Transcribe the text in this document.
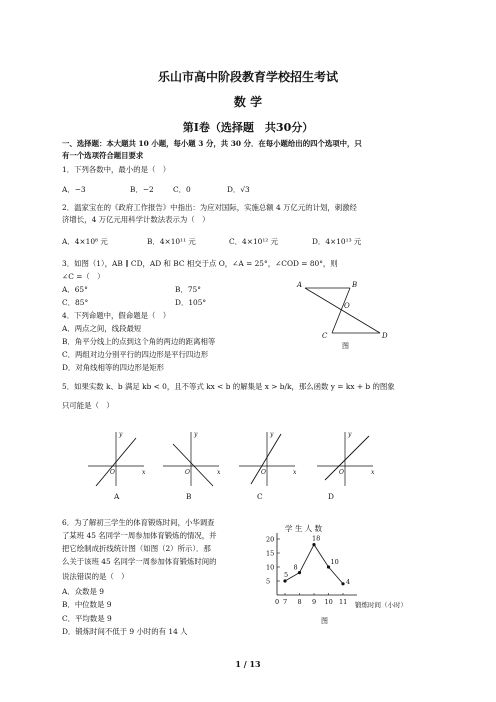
乐山市高中阶段教育学校招生考试
数 学
第Ⅰ卷（选择题　共30分）
一、选择题：本大题共 10 小题，每小题 3 分，共 30 分．在每小题给出的四个选项中，只
有一个选项符合题目要求
1．下列各数中，最小的是（　）
A．−3	B．−2	C．0	D．√3
2．温家宝在的《政府工作报告》中指出：为应对国际，实施总额 4 万亿元的计划，刺激经
济增长，4 万亿元用科学计数法表示为（　）
A．4×10⁸ 元	B．4×10¹¹ 元	C．4×10¹² 元	D．4×10¹³ 元
3．如图（1），AB ∥ CD，AD 和 BC 相交于点 O，∠A = 25°，∠COD = 80°，则
∠C =（　）
A．65°	B．75°
C．85°	D．105°
A	B
O
C	D
图
4．下列命题中，假命题是（　）
A．两点之间，线段最短
B．角平分线上的点到这个角的两边的距离相等
C．两组对边分别平行的四边形是平行四边形
D．对角线相等的四边形是矩形
5．如果实数 k、b 满足 kb < 0，且不等式 kx < b 的解集是 x > b/k，那么函数 y = kx + b 的图象
只可能是（　）
y
x
O
y
x
O
y
x
O
y
x
O
A	B	C	D
6．为了解初三学生的体育锻炼时间，小华调查
了某班 45 名同学一周参加体育锻炼的情况，并
把它绘制成折线统计图（如图（2）所示）．那
么关于该班 45 名同学一周参加体育锻炼时间的
说法错误的是（　）
A．众数是 9
B．中位数是 9
C．平均数是 9
D．锻炼时间不低于 9 小时的有 14 人
学 生 人 数
锻炼时间（小时）
图
5
10
15
20
0 7 8 9 10 11
5
8
18
10
4
1 / 13
